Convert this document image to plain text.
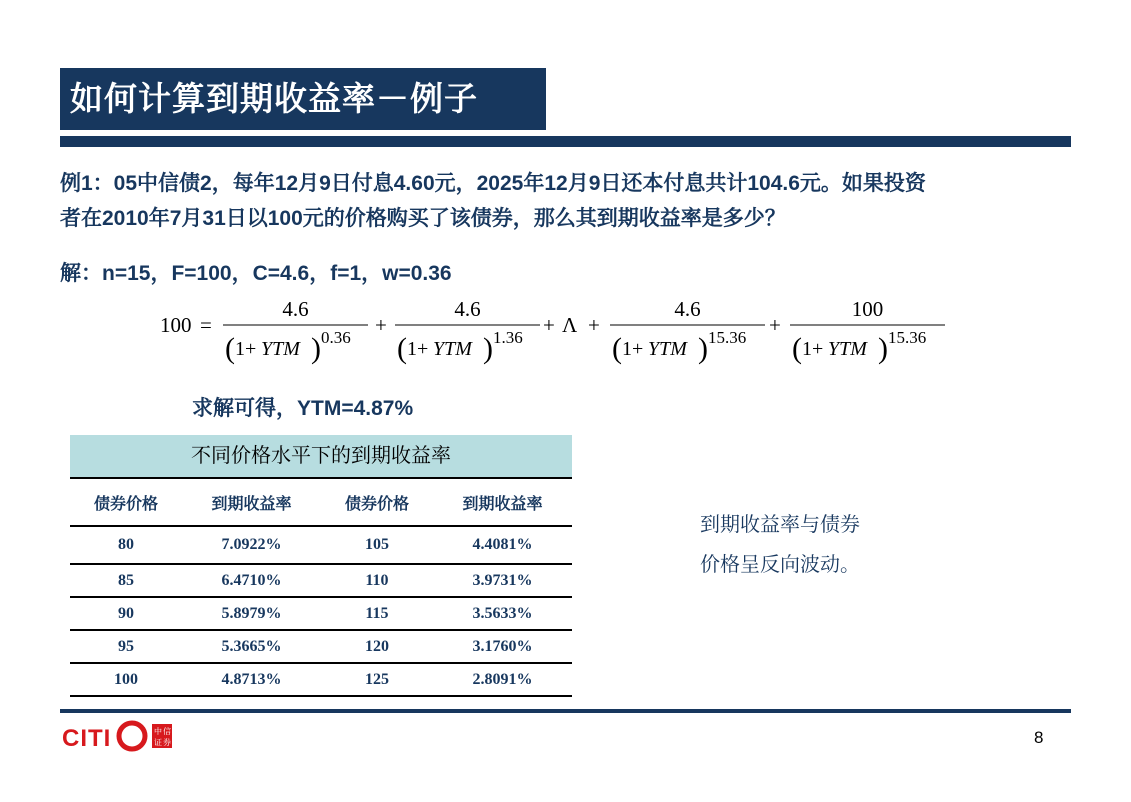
如何计算到期收益率－例子
例1：05中信债2，每年12月9日付息4.60元，2025年12月9日还本付息共计104.6元。如果投资
者在2010年7月31日以100元的价格购买了该债券，那么其到期收益率是多少？
解：n=15，F=100，C=4.6，f=1，w=0.36
100 =
4.6
( 1+ YTM ) 0.36
4.6
( 1+ YTM ) 1.36
4.6
( 1+ YTM ) 15.36
100
( 1+ YTM ) 15.36
+	+ Λ +	+
求解可得，YTM=4.87%
不同价格水平下的到期收益率
债券价格	到期收益率	债券价格	到期收益率
80	7.0922%	105	4.4081%
85	6.4710%	110	3.9731%
90	5.8979%	115	3.5633%
95	5.3665%	120	3.1760%
100	4.8713%	125	2.8091%
到期收益率与债券
价格呈反向波动。
CITI	中 信
证 券	8
